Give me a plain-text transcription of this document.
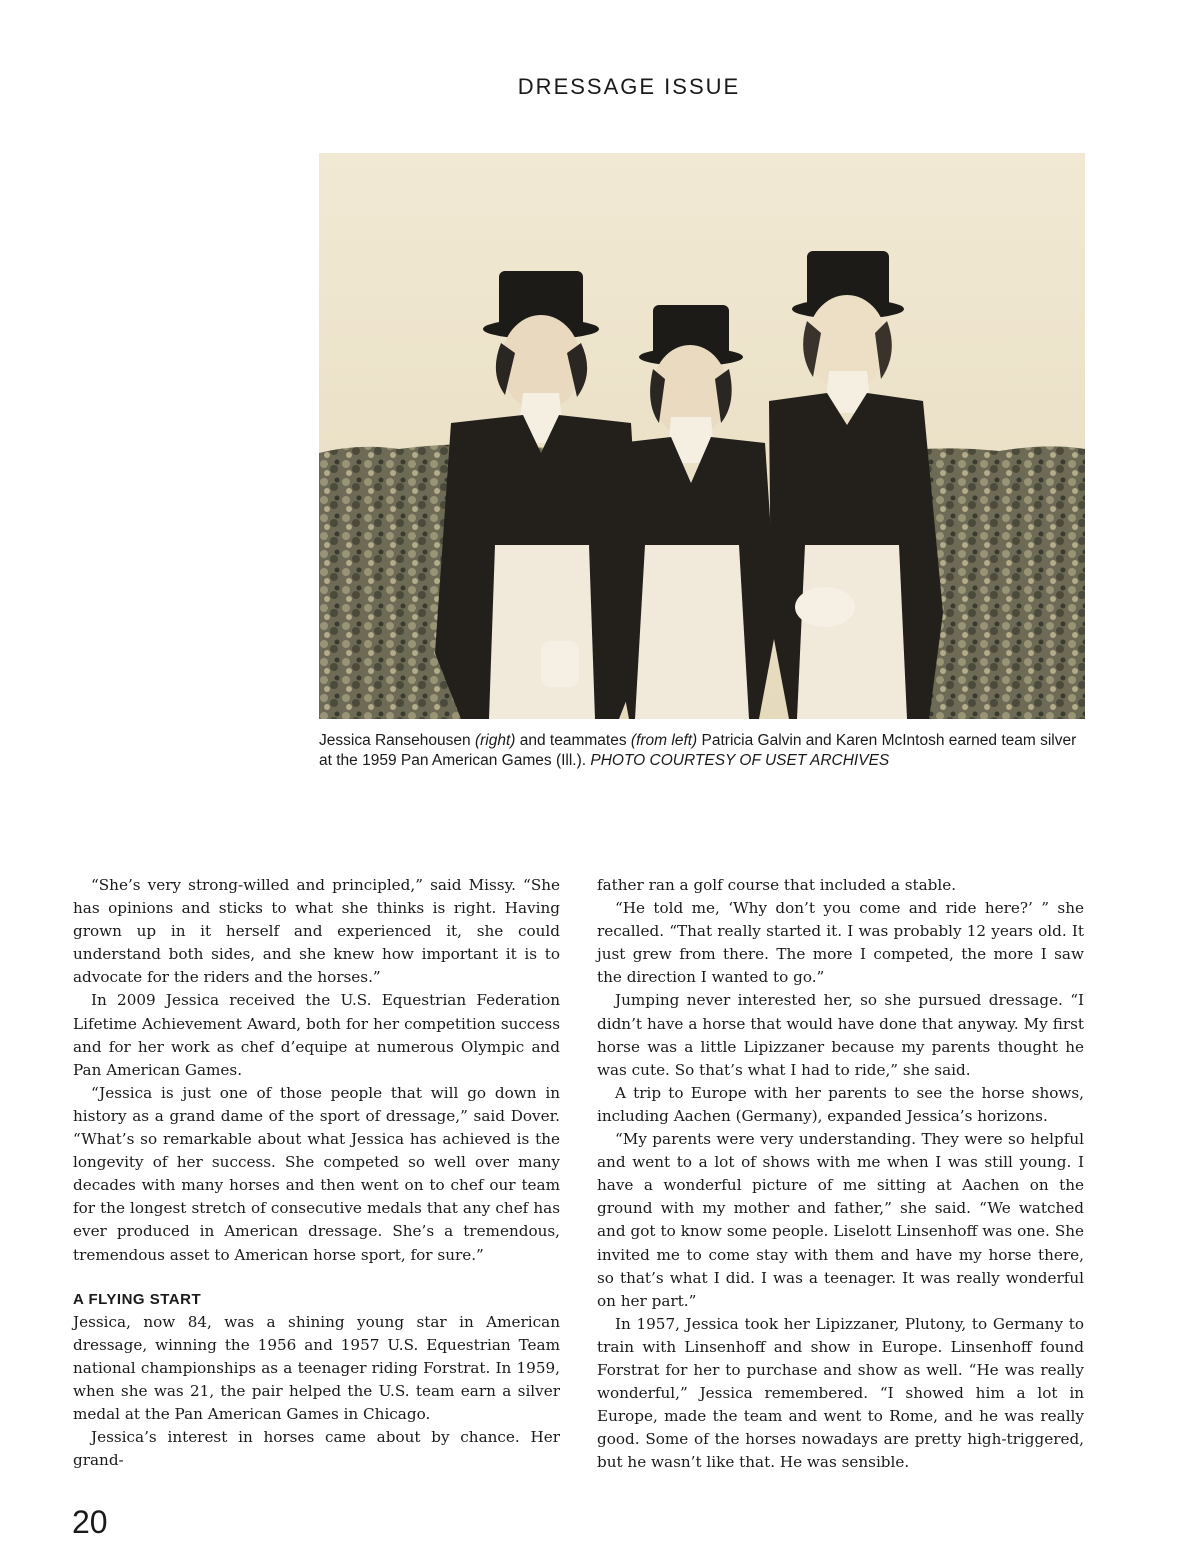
DRESSAGE ISSUE
Jessica Ransehousen (right) and teammates (from left) Patricia Galvin and Karen McIntosh earned team silver at the 1959 Pan American Games (Ill.). PHOTO COURTESY OF USET ARCHIVES

“She’s very strong-willed and principled,” said Missy. “She has opinions and sticks to what she thinks is right. Having grown up in it herself and experienced it, she could understand both sides, and she knew how important it is to advocate for the riders and the horses.”

In 2009 Jessica received the U.S. Equestrian Federation Lifetime Achievement Award, both for her competition success and for her work as chef d’equipe at numerous Olympic and Pan American Games.

“Jessica is just one of those people that will go down in history as a grand dame of the sport of dressage,” said Dover. “What’s so remarkable about what Jessica has achieved is the longevity of her success. She competed so well over many decades with many horses and then went on to chef our team for the longest stretch of consecutive medals that any chef has ever produced in American dressage. She’s a tremendous, tremendous asset to American horse sport, for sure.”

A FLYING START

Jessica, now 84, was a shining young star in American dressage, winning the 1956 and 1957 U.S. Equestrian Team national championships as a teenager riding Forstrat. In 1959, when she was 21, the pair helped the U.S. team earn a silver medal at the Pan American Games in Chicago.

Jessica’s interest in horses came about by chance. Her grand-

father ran a golf course that included a stable.

“He told me, ‘Why don’t you come and ride here?’ ” she recalled. “That really started it. I was probably 12 years old. It just grew from there. The more I competed, the more I saw the direction I wanted to go.”

Jumping never interested her, so she pursued dressage. “I didn’t have a horse that would have done that anyway. My first horse was a little Lipizzaner because my parents thought he was cute. So that’s what I had to ride,” she said.

A trip to Europe with her parents to see the horse shows, including Aachen (Germany), expanded Jessica’s horizons.

“My parents were very understanding. They were so helpful and went to a lot of shows with me when I was still young. I have a wonderful picture of me sitting at Aachen on the ground with my mother and father,” she said. “We watched and got to know some people. Liselott Linsenhoff was one. She invited me to come stay with them and have my horse there, so that’s what I did. I was a teenager. It was really wonderful on her part.”

In 1957, Jessica took her Lipizzaner, Plutony, to Germany to train with Linsenhoff and show in Europe. Linsenhoff found Forstrat for her to purchase and show as well. “He was really wonderful,” Jessica remembered. “I showed him a lot in Europe, made the team and went to Rome, and he was really good. Some of the horses nowadays are pretty high-triggered, but he wasn’t like that. He was sensible.

20
